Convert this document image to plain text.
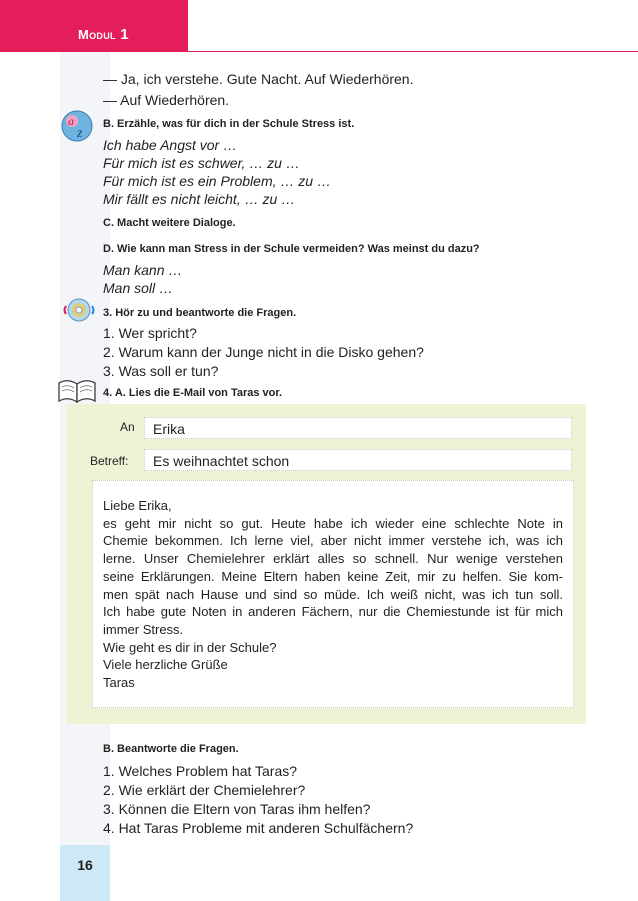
Modul 1
16
— Ja, ich verstehe. Gute Nacht. Auf Wiederhören.
— Auf Wiederhören.
a
z
B. Erzähle, was für dich in der Schule Stress ist.
Ich habe Angst vor …
Für mich ist es schwer, … zu …
Für mich ist es ein Problem, … zu …
Mir fällt es nicht leicht, … zu …
C. Macht weitere Dialoge.
D. Wie kann man Stress in der Schule vermeiden? Was meinst du dazu?
Man kann …
Man soll …
3. Hör zu und beantworte die Fragen.
1. Wer spricht?
2. Warum kann der Junge nicht in die Disko gehen?
3. Was soll er tun?
4. A. Lies die E-Mail von Taras vor.
An Erika
Betreff: Es weihnachtet schon
Liebe Erika,
es geht mir nicht so gut. Heute habe ich wieder eine schlechte Note in
Chemie bekommen. Ich lerne viel, aber nicht immer verstehe ich, was ich
lerne. Unser Chemielehrer erklärt alles so schnell. Nur wenige verstehen
seine Erklärungen. Meine Eltern haben keine Zeit, mir zu helfen. Sie kom-
men spät nach Hause und sind so müde. Ich weiß nicht, was ich tun soll.
Ich habe gute Noten in anderen Fächern, nur die Chemiestunde ist für mich
immer Stress.
Wie geht es dir in der Schule?
Viele herzliche Grüße
Taras
B. Beantworte die Fragen.
1. Welches Problem hat Taras?
2. Wie erklärt der Chemielehrer?
3. Können die Eltern von Taras ihm helfen?
4. Hat Taras Probleme mit anderen Schulfächern?
